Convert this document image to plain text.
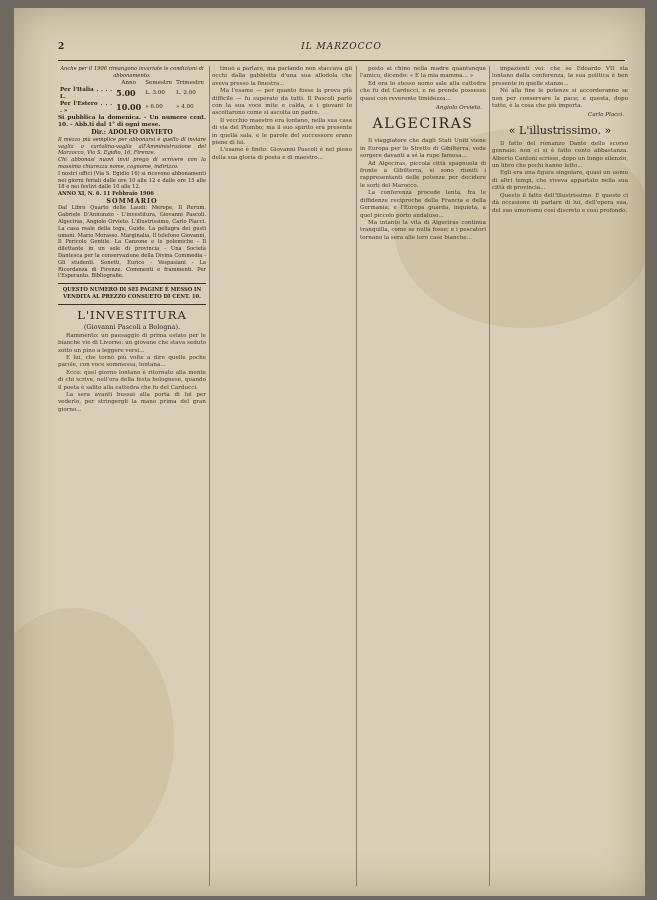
2	IL MARZOCCO
Anche per il 1906 rimangono invariate le condizioni di abbonamento:
	Anno	Semestre	Trimestre
Per l'Italia . . . . L.	5.00	L. 3.00	L. 2.00
Per l'Estero . . . . »	10.00	» 6.00	» 4.00
Si pubblica la domenica. - Un numero cent. 10. - Abb.ti dal 1° di ogni mese.
Dir.: ADOLFO ORVIETO
Il mezzo più semplice per abbonarsi è quello di inviare vaglia o cartolina-vaglia all'Amministrazione del Marzocco, Via S. Egidio, 16, Firenze.
Chi abbonasi nuovi invii prego di scrivere con la massima chiarezza nome, cognome, indirizzo.
I nostri uffici (Via S. Egidio 16) si ricevono abbonamenti nei giorni feriali dalle ore 10 alle 12 e dalle ore 15 alle 18 e nei festivi dalle 10 alle 12.
ANNO XI, N. 6. 11 Febbraio 1906
SOMMARIO
Dal Libro Quarto delle Laudi: Merope, Il Rerum. Gabriele D'Annunzio - L'investitura, Giovanni Pascoli. Algeciras, Angiolo Orvieto. L'illustrissimo, Carlo Placci. La casa reale della toga, Guido. La pellagra dei gusti umani. Mario Morasso. Marginalia, Il telefono Giovanni, Il Pericolo Gentile. La Canzone e le polemiche - Il dilettante in un sole di provincia - Una Società Dantesca per la conservazione della Divina Commedia - Gli studenti. Sonetti, Eurico - Vespasiani - La Ricordanza di Firenze. Commenti e frammenti. Per l'Esperanto. Bibliografie.
QUESTO NUMERO DI SEI PAGINE È MESSO IN VENDITA AL PREZZO CONSUETO DI CENT. 10.
L'INVESTITURA
(Giovanni Pascoli a Bologna).

Rammento: un paesaggio di prima estate per le bianche vie di Livorno: un giovane che stava seduto sotto un pino a leggere versi...

E lui, che tornò più volte a dire quelle poche parole, con voce sommessa, lontana...

Ecco: quel giorno lontano è ritornato alla mente di chi scrive, nell'ora della festa bolognese, quando il poeta è salito alla cattedra che fu del Carducci.

La sera avanti bussai alla porta di lui per vederlo, per stringergli la mano prima del gran giorno...

tinuò a parlare, ma parlando non staccava gli occhi dalla gabbietta d'una sua allodola che aveva presso la finestra...

Ma l'esame — per quanto fosse la prova più difficile — fu superato da tutti. Il Pascoli parlò con la sua voce mite e calda, e i giovani lo ascoltarono come si ascolta un padre.

Il vecchio maestro era lontano, nella sua casa di via del Piombo; ma il suo spirito era presente in quella sala, e le parole del successore erano piene di lui.

L'esame è finito: Giovanni Pascoli è nel pieno della sua gloria di poeta e di maestro...

posto ai chino nella madre quantunque l'amico, dicendo: « È la mia mamma... »

Ed ora lo stesso uomo sale alla cattedra che fu del Carducci, e ne prende possesso quasi con reverente timidezza...

Angiolo Orvieto.
ALGECIRAS

Il viaggiatore che dagli Stati Uniti viene in Europa per lo Stretto di Gibilterra, vede sorgere davanti a sé la rupe famosa...

Ad Algeciras, piccola città spagnuola di fronte a Gibilterra, si sono riuniti i rappresentanti delle potenze per decidere le sorti del Marocco.

La conferenza procede lenta, fra le diffidenze reciproche della Francia e della Germania; e l'Europa guarda, inquieta, a quel piccolo porto andaluso...

Ma intanto la vita di Algeciras continua tranquilla, come se nulla fosse; e i pescatori tornano la sera alle loro case bianche...

impazienti voi: che se Edoardo VII sta lontano dalla conferenza, la sua politica è ben presente in quelle stanze...

Né alla fine le potenze si accorderanno se non per conservare la pace; e questa, dopo tutto, è la cosa che più importa.

Carlo Placci.
« L'illustrissimo. »

Il fatto del romanzo Dante dello scorso gennaio: non ci si è fatto conto abbastanza. Alberto Cantoni scrisse, dopo un lungo silenzio, un libro che pochi hanno letto...

Egli era una figura singolare, quasi un uomo di altri tempi, che viveva appartato nella sua città di provincia...

Questo il fatto dell'Illustrissimo. E questo ci dà occasione di parlare di lui, dell'opera sua, del suo umorismo così discreto e così profondo.
